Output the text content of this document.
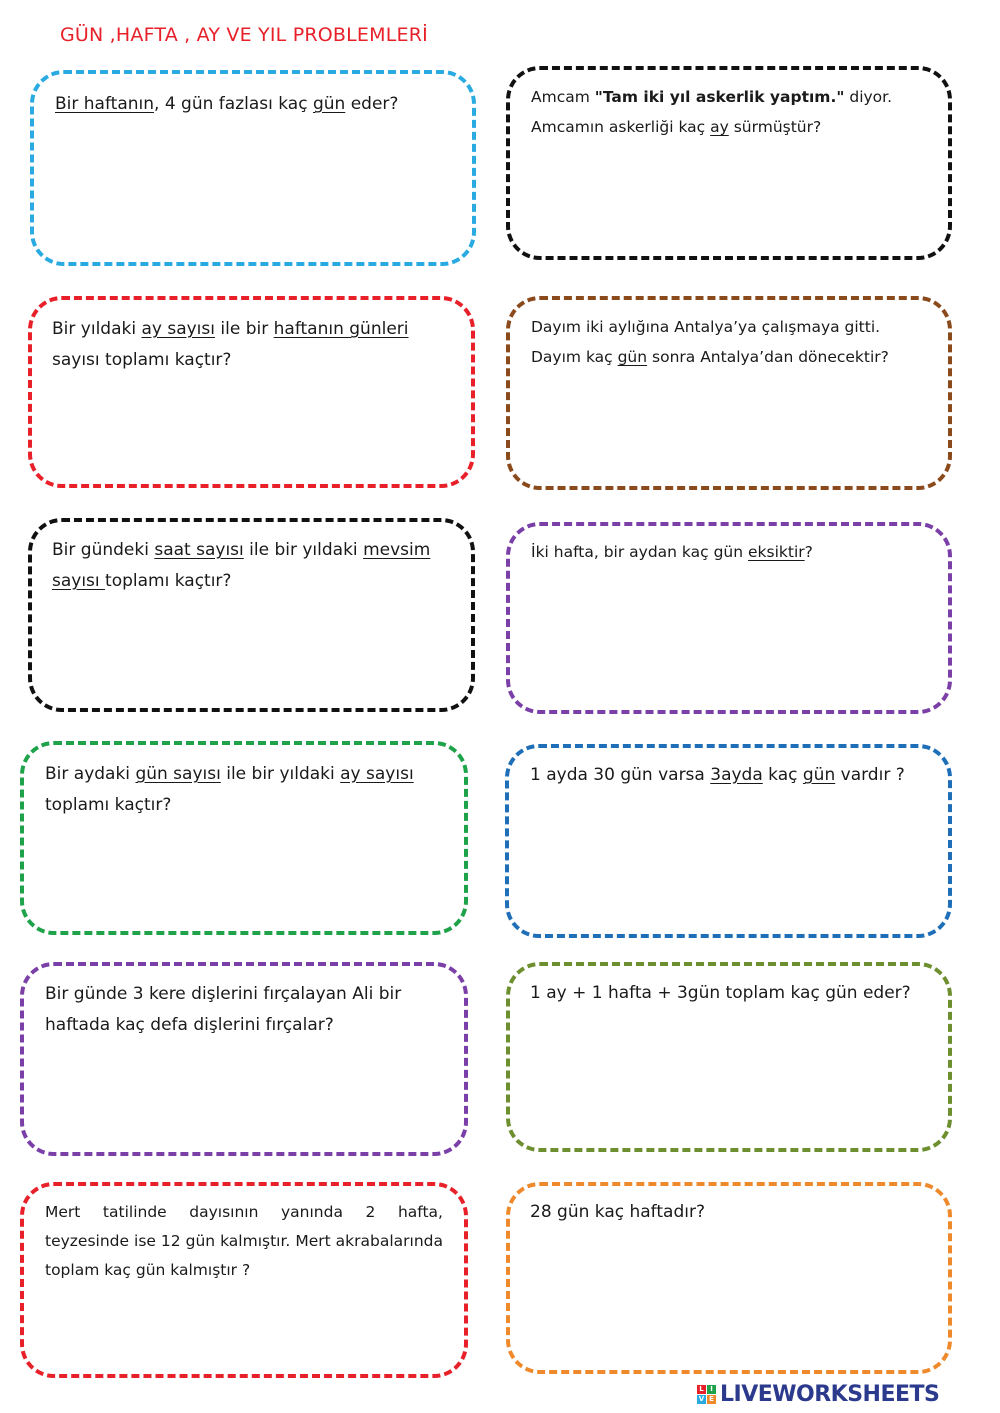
GÜN ,HAFTA , AY VE YIL PROBLEMLERİ
Bir haftanın, 4 gün fazlası kaç gün eder?	Amcam "Tam iki yıl askerlik yaptım." diyor.
Amcamın askerliği kaç ay sürmüştür?
Bir yıldaki ay sayısı ile bir haftanın günleri
sayısı toplamı kaçtır?
Dayım iki aylığına Antalya’ya çalışmaya gitti.
Dayım kaç gün sonra Antalya’dan dönecektir?
Bir gündeki saat sayısı ile bir yıldaki mevsim
sayısı toplamı kaçtır?
İki hafta, bir aydan kaç gün eksiktir?
Bir aydaki gün sayısı ile bir yıldaki ay sayısı
toplamı kaçtır?
1 ayda 30 gün varsa 3ayda kaç gün vardır ?
Bir günde 3 kere dişlerini fırçalayan Ali bir
haftada kaç defa dişlerini fırçalar?
1 ay + 1 hafta + 3gün toplam kaç gün eder?
Mert tatilinde dayısının yanında 2 hafta, teyzesinde ise 12 gün kalmıştır. Mert akrabalarında toplam kaç gün kalmıştır ?
28 gün kaç haftadır?
L I
V E LIVEWORKSHEETS
